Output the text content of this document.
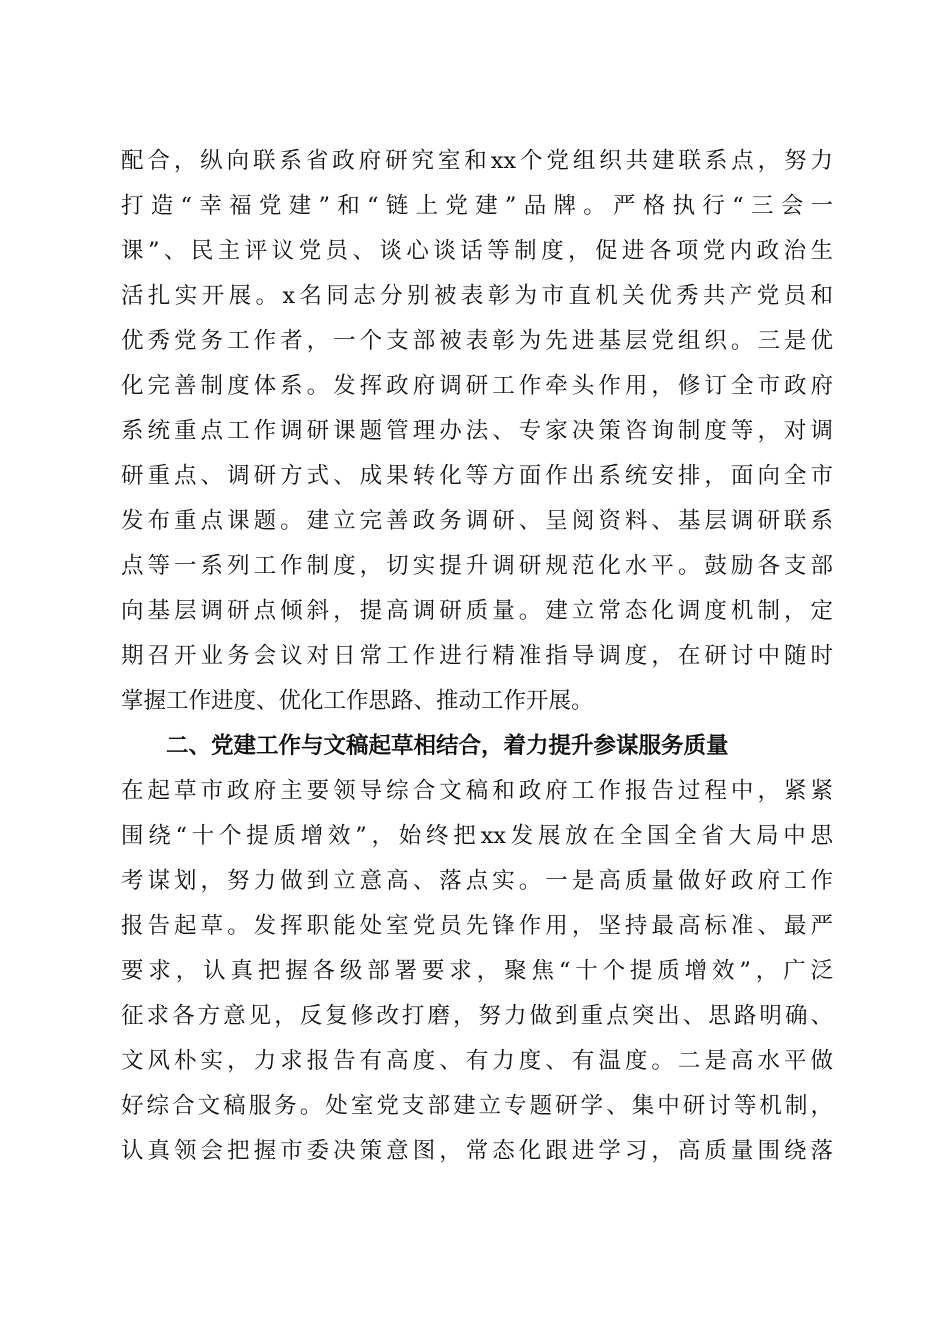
配合，纵向联系省政府研究室和xx个党组织共建联系点，努力
打造“幸福党建”和“链上党建”品牌。严格执行“三会一
课”、民主评议党员、谈心谈话等制度，促进各项党内政治生
活扎实开展。x名同志分别被表彰为市直机关优秀共产党员和
优秀党务工作者，一个支部被表彰为先进基层党组织。三是优
化完善制度体系。发挥政府调研工作牵头作用，修订全市政府
系统重点工作调研课题管理办法、专家决策咨询制度等，对调
研重点、调研方式、成果转化等方面作出系统安排，面向全市
发布重点课题。建立完善政务调研、呈阅资料、基层调研联系
点等一系列工作制度，切实提升调研规范化水平。鼓励各支部
向基层调研点倾斜，提高调研质量。建立常态化调度机制，定
期召开业务会议对日常工作进行精准指导调度，在研讨中随时
掌握工作进度、优化工作思路、推动工作开展。
二、党建工作与文稿起草相结合，着力提升参谋服务质量
在起草市政府主要领导综合文稿和政府工作报告过程中，紧紧
围绕“十个提质增效”，始终把xx发展放在全国全省大局中思
考谋划，努力做到立意高、落点实。一是高质量做好政府工作
报告起草。发挥职能处室党员先锋作用，坚持最高标准、最严
要求，认真把握各级部署要求，聚焦“十个提质增效”，广泛
征求各方意见，反复修改打磨，努力做到重点突出、思路明确、
文风朴实，力求报告有高度、有力度、有温度。二是高水平做
好综合文稿服务。处室党支部建立专题研学、集中研讨等机制，
认真领会把握市委决策意图，常态化跟进学习，高质量围绕落
